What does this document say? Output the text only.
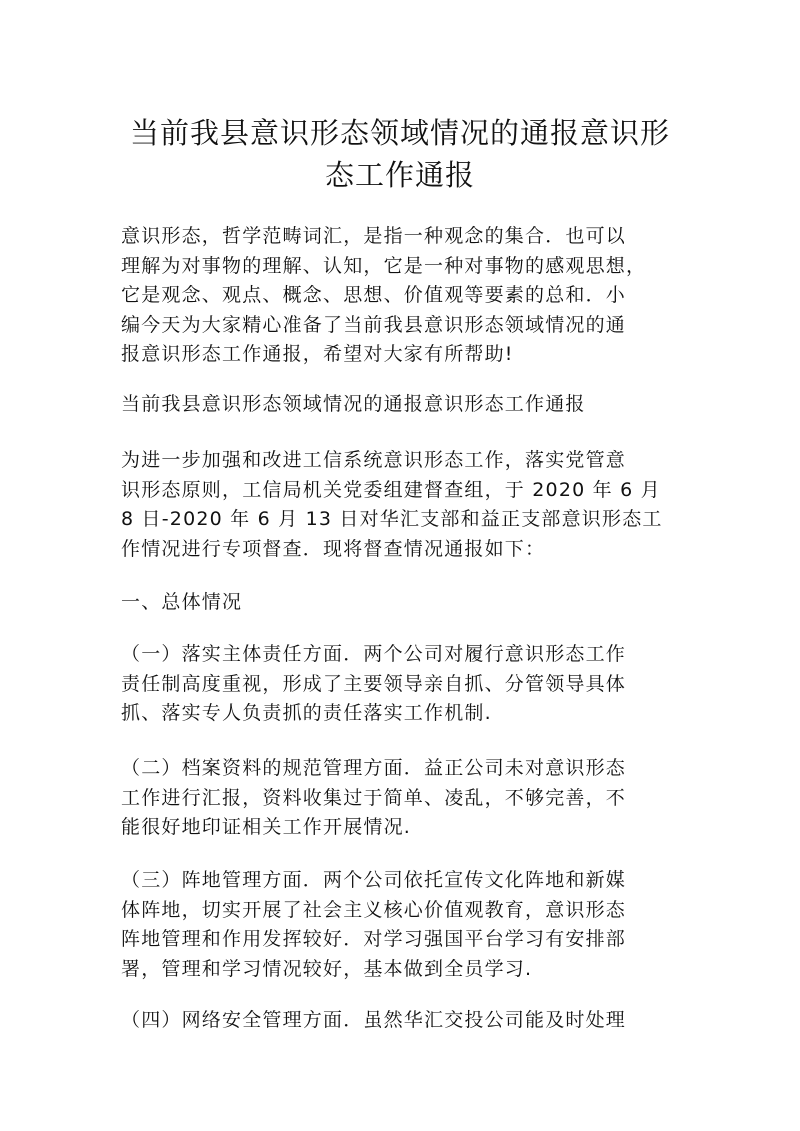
当前我县意识形态领域情况的通报意识形
态工作通报

意识形态，哲学范畴词汇，是指一种观念的集合．也可以
理解为对事物的理解、认知，它是一种对事物的感观思想，
它是观念、观点、概念、思想、价值观等要素的总和．小
编今天为大家精心准备了当前我县意识形态领域情况的通
报意识形态工作通报，希望对大家有所帮助!

当前我县意识形态领域情况的通报意识形态工作通报

为进一步加强和改进工信系统意识形态工作，落实党管意
识形态原则，工信局机关党委组建督查组，于 2020 年 6 月
8 日-2020 年 6 月 13 日对华汇支部和益正支部意识形态工
作情况进行专项督查．现将督查情况通报如下：

一、总体情况

（一）落实主体责任方面．两个公司对履行意识形态工作
责任制高度重视，形成了主要领导亲自抓、分管领导具体
抓、落实专人负责抓的责任落实工作机制.

（二）档案资料的规范管理方面．益正公司未对意识形态
工作进行汇报，资料收集过于简单、凌乱，不够完善，不
能很好地印证相关工作开展情况.

（三）阵地管理方面．两个公司依托宣传文化阵地和新媒
体阵地，切实开展了社会主义核心价值观教育，意识形态
阵地管理和作用发挥较好．对学习强国平台学习有安排部
署，管理和学习情况较好，基本做到全员学习.

（四）网络安全管理方面．虽然华汇交投公司能及时处理
